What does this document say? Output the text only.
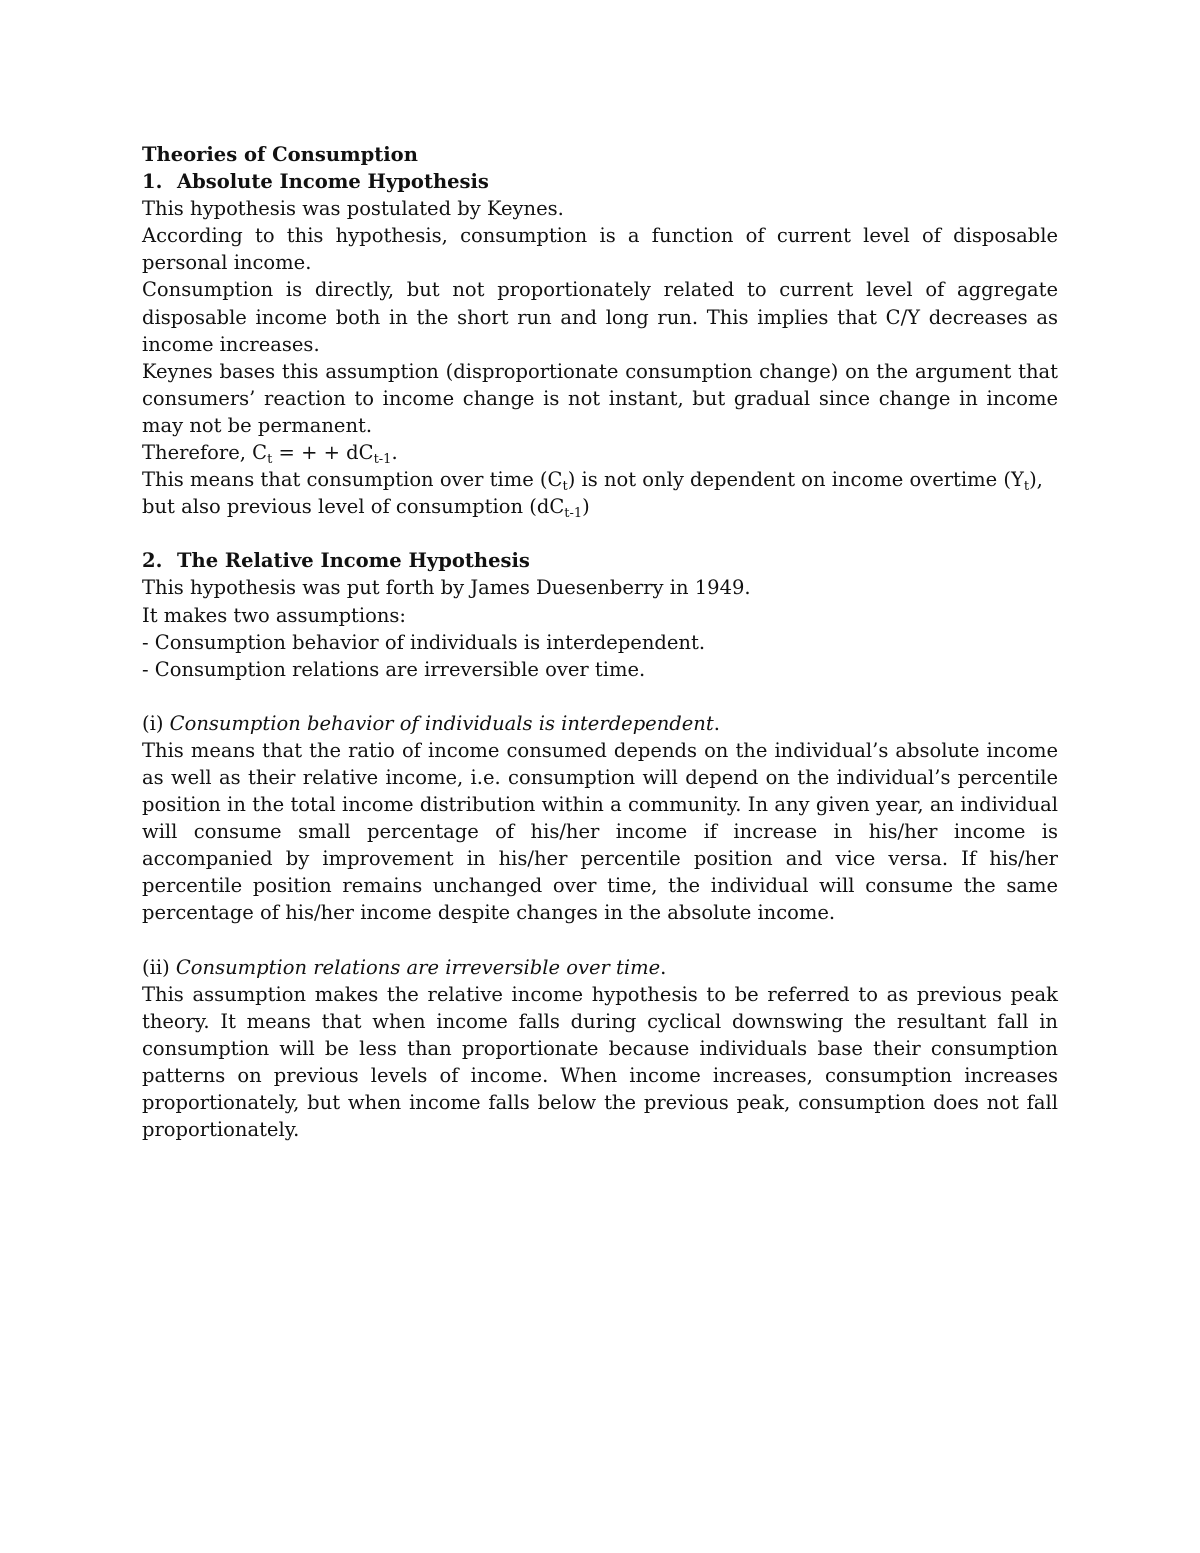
Theories of Consumption

1. Absolute Income Hypothesis

This hypothesis was postulated by Keynes.

According to this hypothesis, consumption is a function of current level of disposable personal income.

Consumption is directly, but not proportionately related to current level of aggregate disposable income both in the short run and long run. This implies that C/Y decreases as income increases.

Keynes bases this assumption (disproportionate consumption change) on the argument that consumers’ reaction to income change is not instant, but gradual since change in income may not be permanent.

Therefore, $C_t$ = + + $dC_{t-1}$.

This means that consumption over time $(C_t)$ is not only dependent on income overtime $(Y_t)$, but also previous level of consumption $(dC_{t-1})$

2. The Relative Income Hypothesis

This hypothesis was put forth by James Duesenberry in 1949.

It makes two assumptions:

- Consumption behavior of individuals is interdependent.

- Consumption relations are irreversible over time.

(i) Consumption behavior of individuals is interdependent.

This means that the ratio of income consumed depends on the individual’s absolute income as well as their relative income, i.e. consumption will depend on the individual’s percentile position in the total income distribution within a community. In any given year, an individual will consume small percentage of his/her income if increase in his/her income is accompanied by improvement in his/her percentile position and vice versa. If his/her percentile position remains unchanged over time, the individual will consume the same percentage of his/her income despite changes in the absolute income.

(ii) Consumption relations are irreversible over time.

This assumption makes the relative income hypothesis to be referred to as previous peak theory. It means that when income falls during cyclical downswing the resultant fall in consumption will be less than proportionate because individuals base their consumption patterns on previous levels of income. When income increases, consumption increases proportionately, but when income falls below the previous peak, consumption does not fall proportionately.
